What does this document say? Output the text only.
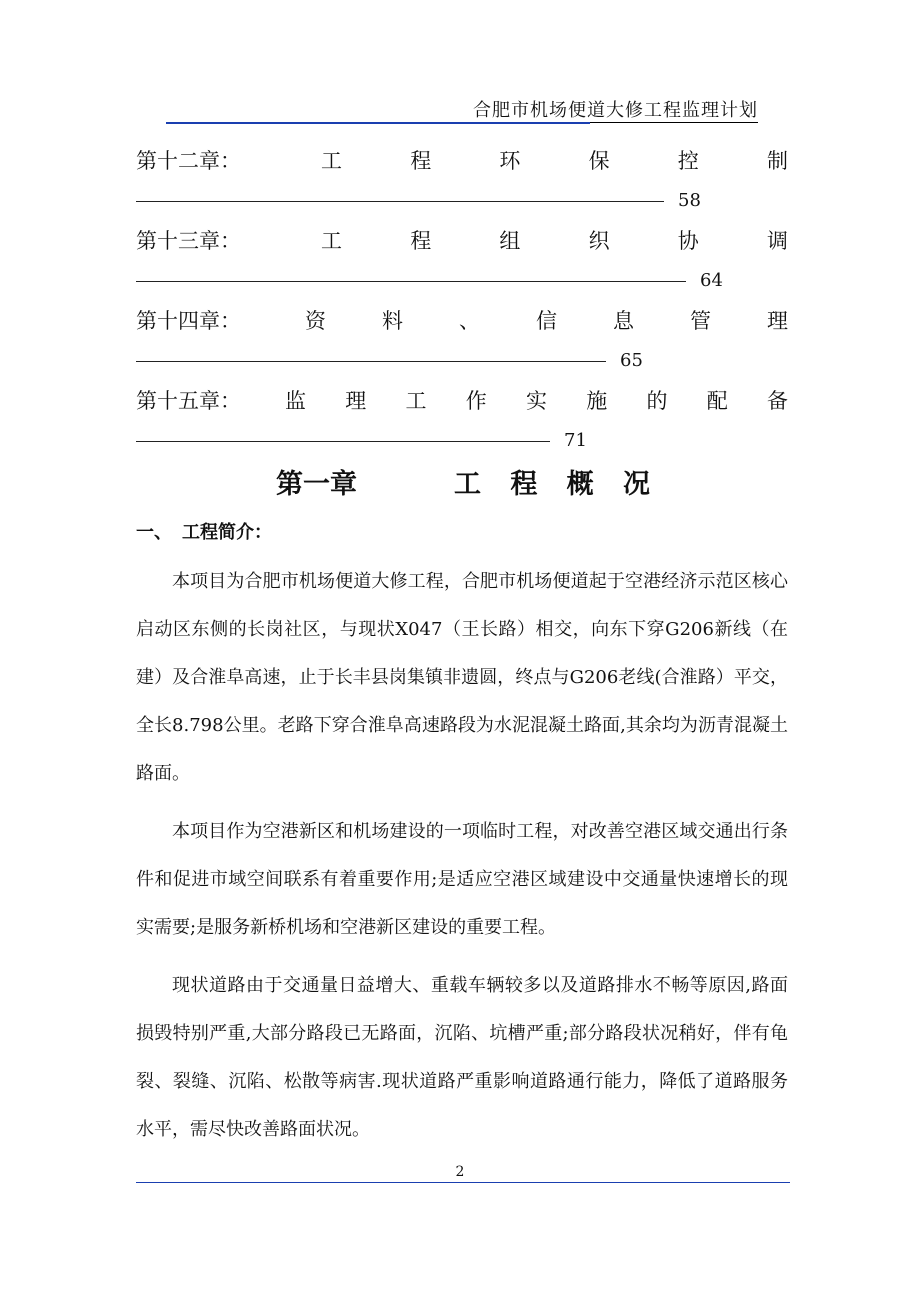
合肥市机场便道大修工程监理计划
第十二章：	工	程	环	保	控	制
58
第十三章：	工	程	组	织	协	调
64
第十四章：	资	料	、	信	息	管	理
65
第十五章： 监 理 工 作 实 施 的 配 备
71
第一章	工 程 概 况
一、 工程简介：

本项目为合肥市机场便道大修工程，合肥市机场便道起于空港经济示范区核心启动区东侧的长岗社区，与现状X047（王长路）相交，向东下穿G206新线（在建）及合淮阜高速，止于长丰县岗集镇非遗圆，终点与G206老线(合淮路）平交，全长8.798公里。老路下穿合淮阜高速路段为水泥混凝土路面,其余均为沥青混凝土路面。

本项目作为空港新区和机场建设的一项临时工程，对改善空港区域交通出行条件和促进市域空间联系有着重要作用;是适应空港区域建设中交通量快速增长的现实需要;是服务新桥机场和空港新区建设的重要工程。

现状道路由于交通量日益增大、重载车辆较多以及道路排水不畅等原因,路面损毁特别严重,大部分路段已无路面，沉陷、坑槽严重;部分路段状况稍好，伴有龟裂、裂缝、沉陷、松散等病害.现状道路严重影响道路通行能力，降低了道路服务水平，需尽快改善路面状况。

2
